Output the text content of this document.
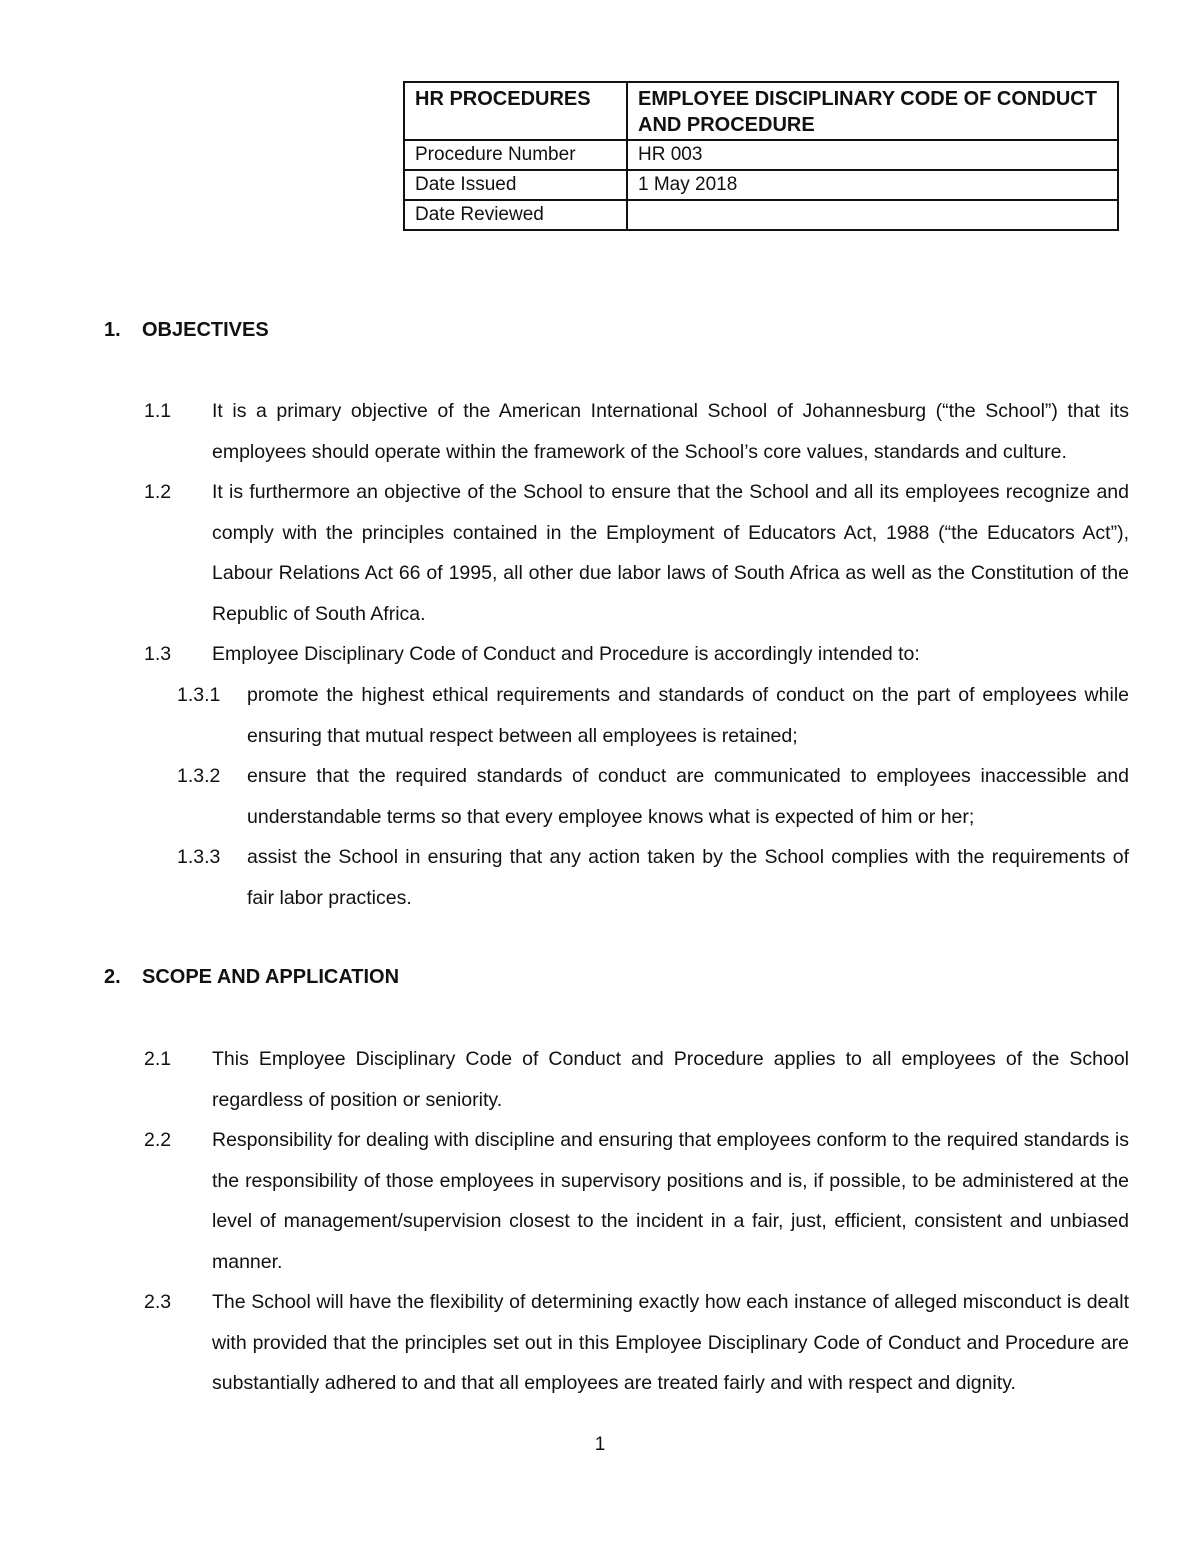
HR PROCEDURES	EMPLOYEE DISCIPLINARY CODE OF CONDUCT AND PROCEDURE
Procedure Number	HR 003
Date Issued	1 May 2018
Date Reviewed	
1. OBJECTIVES

1.1 It is a primary objective of the American International School of Johannesburg (“the School”) that its employees should operate within the framework of the School’s core values, standards and culture.

1.2 It is furthermore an objective of the School to ensure that the School and all its employees recognize and comply with the principles contained in the Employment of Educators Act, 1988 (“the Educators Act”), Labour Relations Act 66 of 1995, all other due labor laws of South Africa as well as the Constitution of the Republic of South Africa.

1.3 Employee Disciplinary Code of Conduct and Procedure is accordingly intended to:

1.3.1 promote the highest ethical requirements and standards of conduct on the part of employees while ensuring that mutual respect between all employees is retained;

1.3.2 ensure that the required standards of conduct are communicated to employees inaccessible and understandable terms so that every employee knows what is expected of him or her;

1.3.3 assist the School in ensuring that any action taken by the School complies with the requirements of fair labor practices.

2. SCOPE AND APPLICATION

2.1 This Employee Disciplinary Code of Conduct and Procedure applies to all employees of the School regardless of position or seniority.

2.2 Responsibility for dealing with discipline and ensuring that employees conform to the required standards is the responsibility of those employees in supervisory positions and is, if possible, to be administered at the level of management/supervision closest to the incident in a fair, just, efficient, consistent and unbiased manner.

2.3 The School will have the flexibility of determining exactly how each instance of alleged misconduct is dealt with provided that the principles set out in this Employee Disciplinary Code of Conduct and Procedure are substantially adhered to and that all employees are treated fairly and with respect and dignity.

1
